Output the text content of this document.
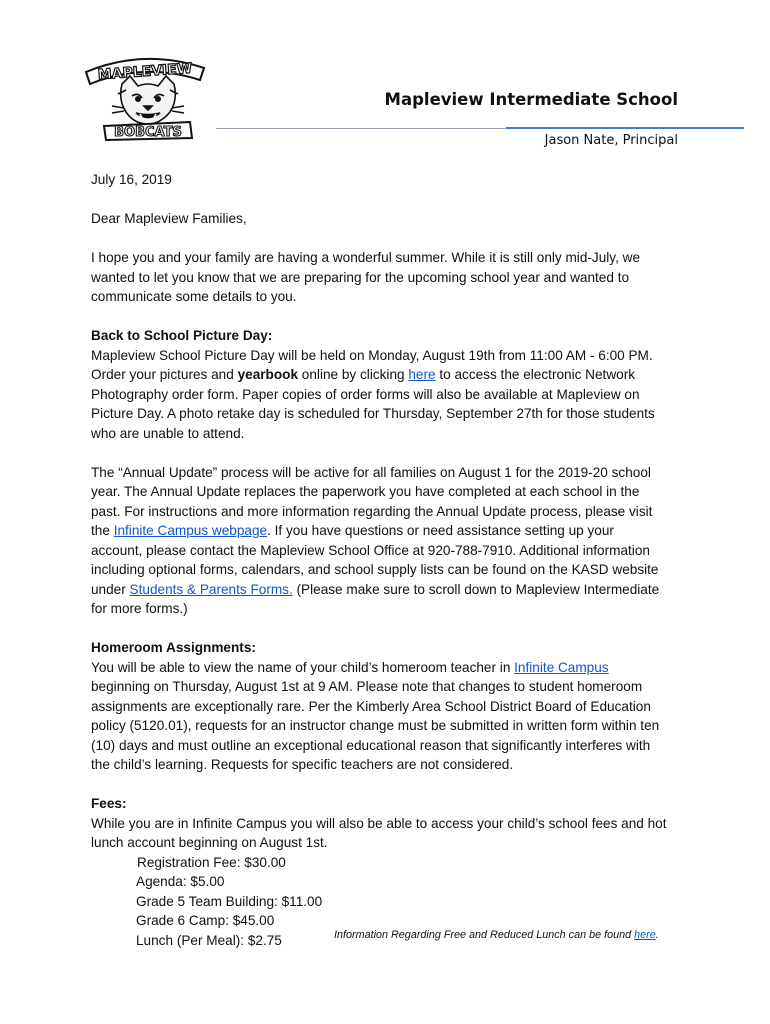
MAPLEVIEW
BOBCATS
Mapleview Intermediate School
Jason Nate, Principal

July 16, 2019

Dear Mapleview Families,

I hope you and your family are having a wonderful summer. While it is still only mid-July, we
wanted to let you know that we are preparing for the upcoming school year and wanted to
communicate some details to you.

Back to School Picture Day:
Mapleview School Picture Day will be held on Monday, August 19th from 11:00 AM - 6:00 PM.
Order your pictures and yearbook online by clicking here to access the electronic Network
Photography order form. Paper copies of order forms will also be available at Mapleview on
Picture Day. A photo retake day is scheduled for Thursday, September 27th for those students
who are unable to attend.

The “Annual Update” process will be active for all families on August 1 for the 2019-20 school
year. The Annual Update replaces the paperwork you have completed at each school in the
past. For instructions and more information regarding the Annual Update process, please visit
the Infinite Campus webpage. If you have questions or need assistance setting up your
account, please contact the Mapleview School Office at 920-788-7910. Additional information
including optional forms, calendars, and school supply lists can be found on the KASD website
under Students & Parents Forms. (Please make sure to scroll down to Mapleview Intermediate
for more forms.)

Homeroom Assignments:
You will be able to view the name of your child’s homeroom teacher in Infinite Campus
beginning on Thursday, August 1st at 9 AM. Please note that changes to student homeroom
assignments are exceptionally rare. Per the Kimberly Area School District Board of Education
policy (5120.01), requests for an instructor change must be submitted in written form within ten
(10) days and must outline an exceptional educational reason that significantly interferes with
the child’s learning. Requests for specific teachers are not considered.

Fees:
While you are in Infinite Campus you will also be able to access your child’s school fees and hot
lunch account beginning on August 1st.

Registration Fee: $30.00
Agenda: $5.00
Grade 5 Team Building: $11.00
Grade 6 Camp: $45.00
Lunch (Per Meal): $2.75	Information Regarding Free and Reduced Lunch can be found here.
